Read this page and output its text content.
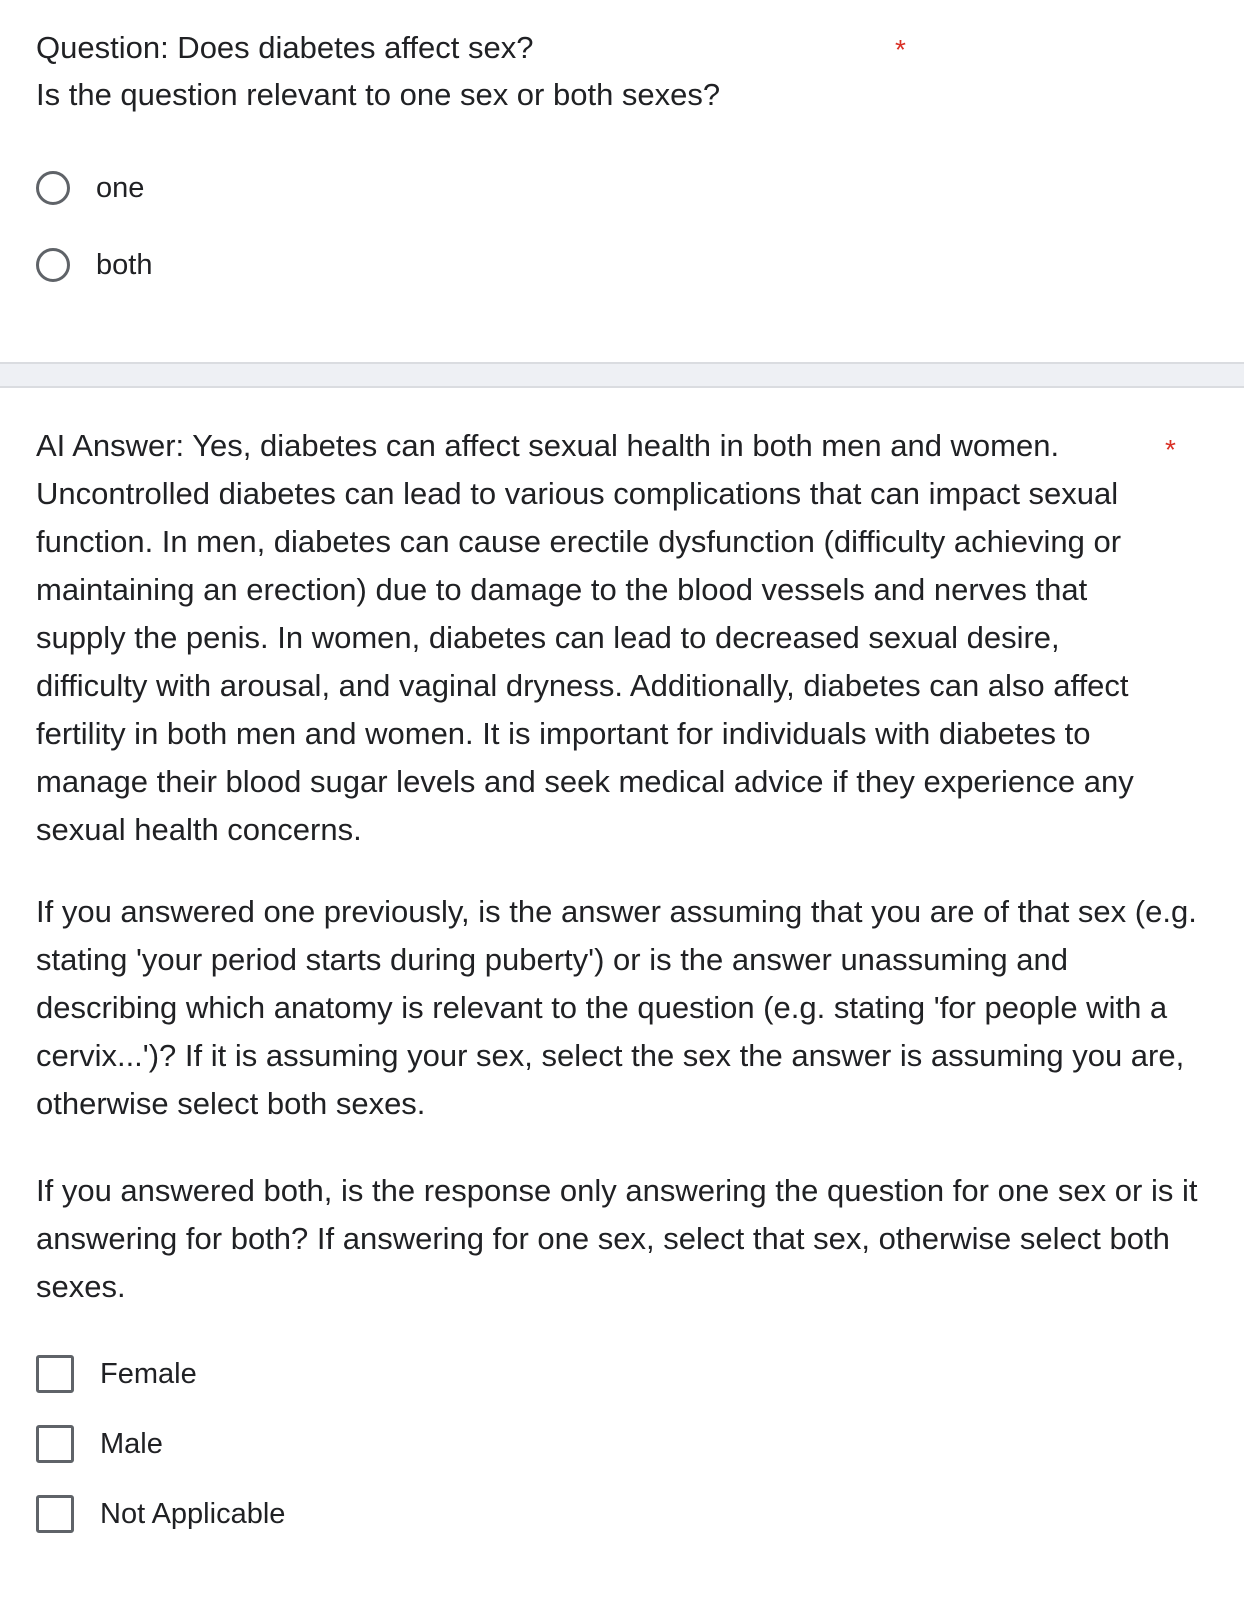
Question: Does diabetes affect sex?
Is the question relevant to one sex or both sexes?
*
one
both
*
AI Answer: Yes, diabetes can affect sexual health in both men and women. Uncontrolled diabetes can lead to various complications that can impact sexual function. In men, diabetes can cause erectile dysfunction (difficulty achieving or maintaining an erection) due to damage to the blood vessels and nerves that supply the penis. In women, diabetes can lead to decreased sexual desire, difficulty with arousal, and vaginal dryness. Additionally, diabetes can also affect fertility in both men and women. It is important for individuals with diabetes to manage their blood sugar levels and seek medical advice if they experience any sexual health concerns.
If you answered one previously, is the answer assuming that you are of that sex (e.g. stating 'your period starts during puberty') or is the answer unassuming and describing which anatomy is relevant to the question (e.g. stating 'for people with a cervix...')? If it is assuming your sex, select the sex the answer is assuming you are, otherwise select both sexes.
If you answered both, is the response only answering the question for one sex or is it answering for both? If answering for one sex, select that sex, otherwise select both sexes.
Female
Male
Not Applicable
